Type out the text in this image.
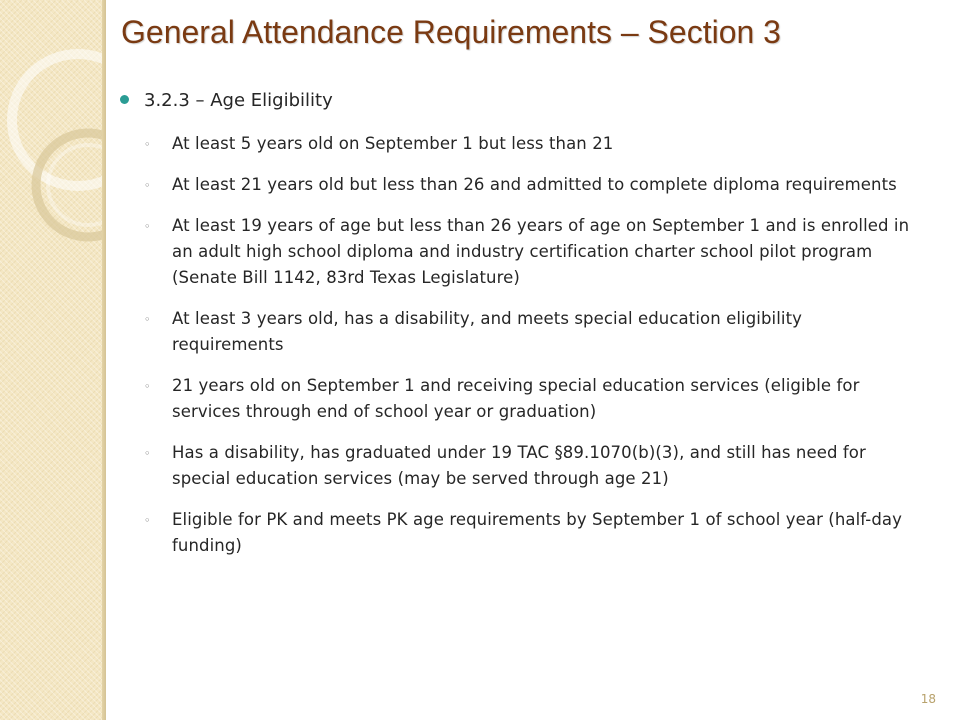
General Attendance Requirements – Section 3
3.2.3 – Age Eligibility
◦	At least 5 years old on September 1 but less than 21
◦	At least 21 years old but less than 26 and admitted to complete diploma requirements
◦	At least 19 years of age but less than 26 years of age on September 1 and is enrolled in an adult high school diploma and industry certification charter school pilot program (Senate Bill 1142, 83rd Texas Legislature)
◦	At least 3 years old, has a disability, and meets special education eligibility requirements
◦	21 years old on September 1 and receiving special education services (eligible for services through end of school year or graduation)
◦	Has a disability, has graduated under 19 TAC §89.1070(b)(3), and still has need for special education services (may be served through age 21)
◦	Eligible for PK and meets PK age requirements by September 1 of school year (half-day funding)
18
